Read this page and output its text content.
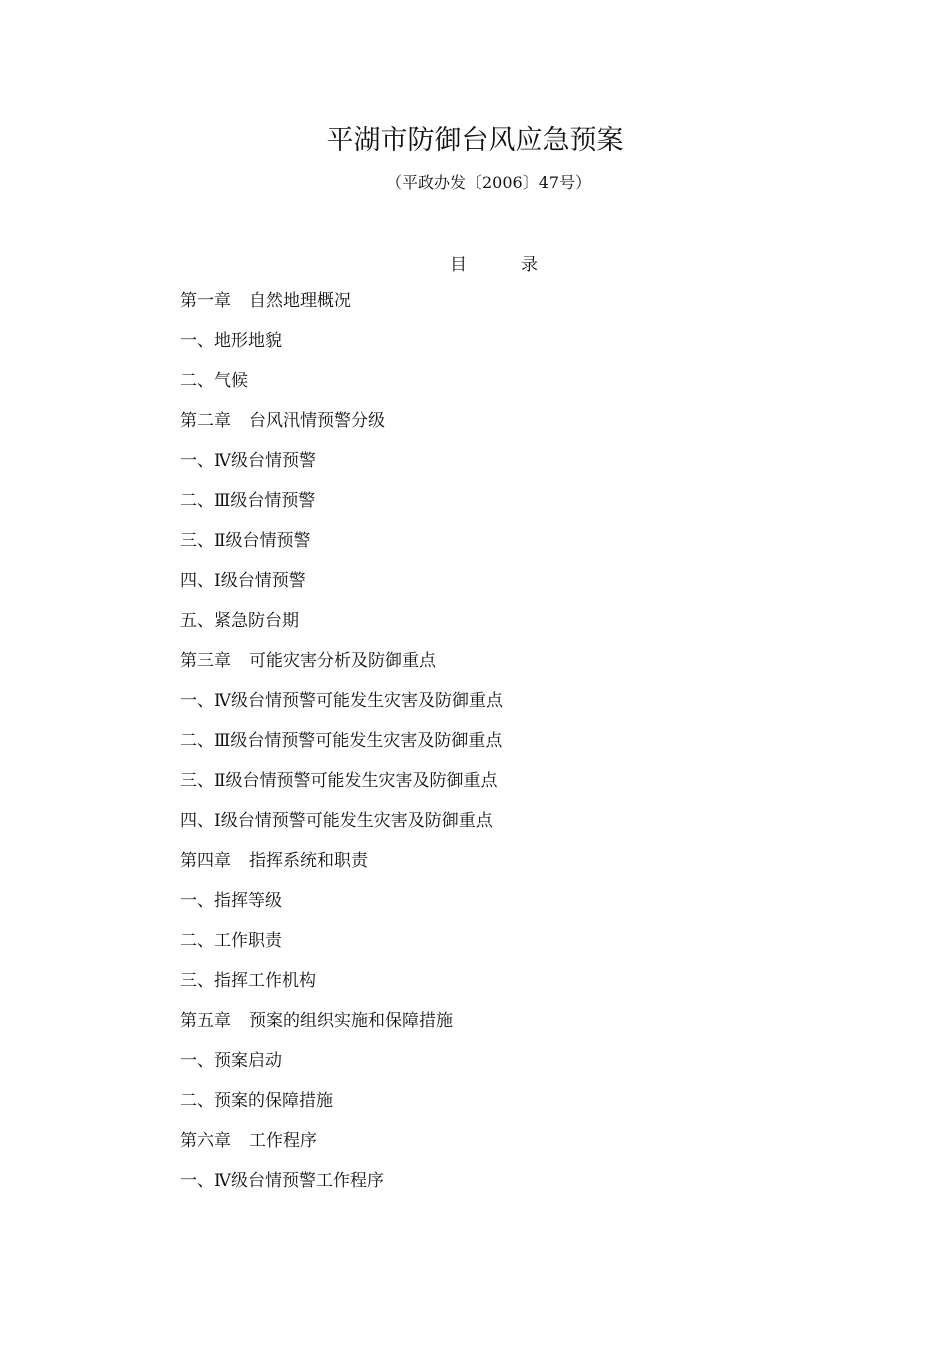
平湖市防御台风应急预案
（平政办发〔2006〕47号）
目	录
第一章 自然地理概况
一、地形地貌
二、气候
第二章 台风汛情预警分级
一、Ⅳ级台情预警
二、Ⅲ级台情预警
三、Ⅱ级台情预警
四、Ⅰ级台情预警
五、紧急防台期
第三章 可能灾害分析及防御重点
一、Ⅳ级台情预警可能发生灾害及防御重点
二、Ⅲ级台情预警可能发生灾害及防御重点
三、Ⅱ级台情预警可能发生灾害及防御重点
四、Ⅰ级台情预警可能发生灾害及防御重点
第四章 指挥系统和职责
一、指挥等级
二、工作职责
三、指挥工作机构
第五章 预案的组织实施和保障措施
一、预案启动
二、预案的保障措施
第六章 工作程序
一、Ⅳ级台情预警工作程序
